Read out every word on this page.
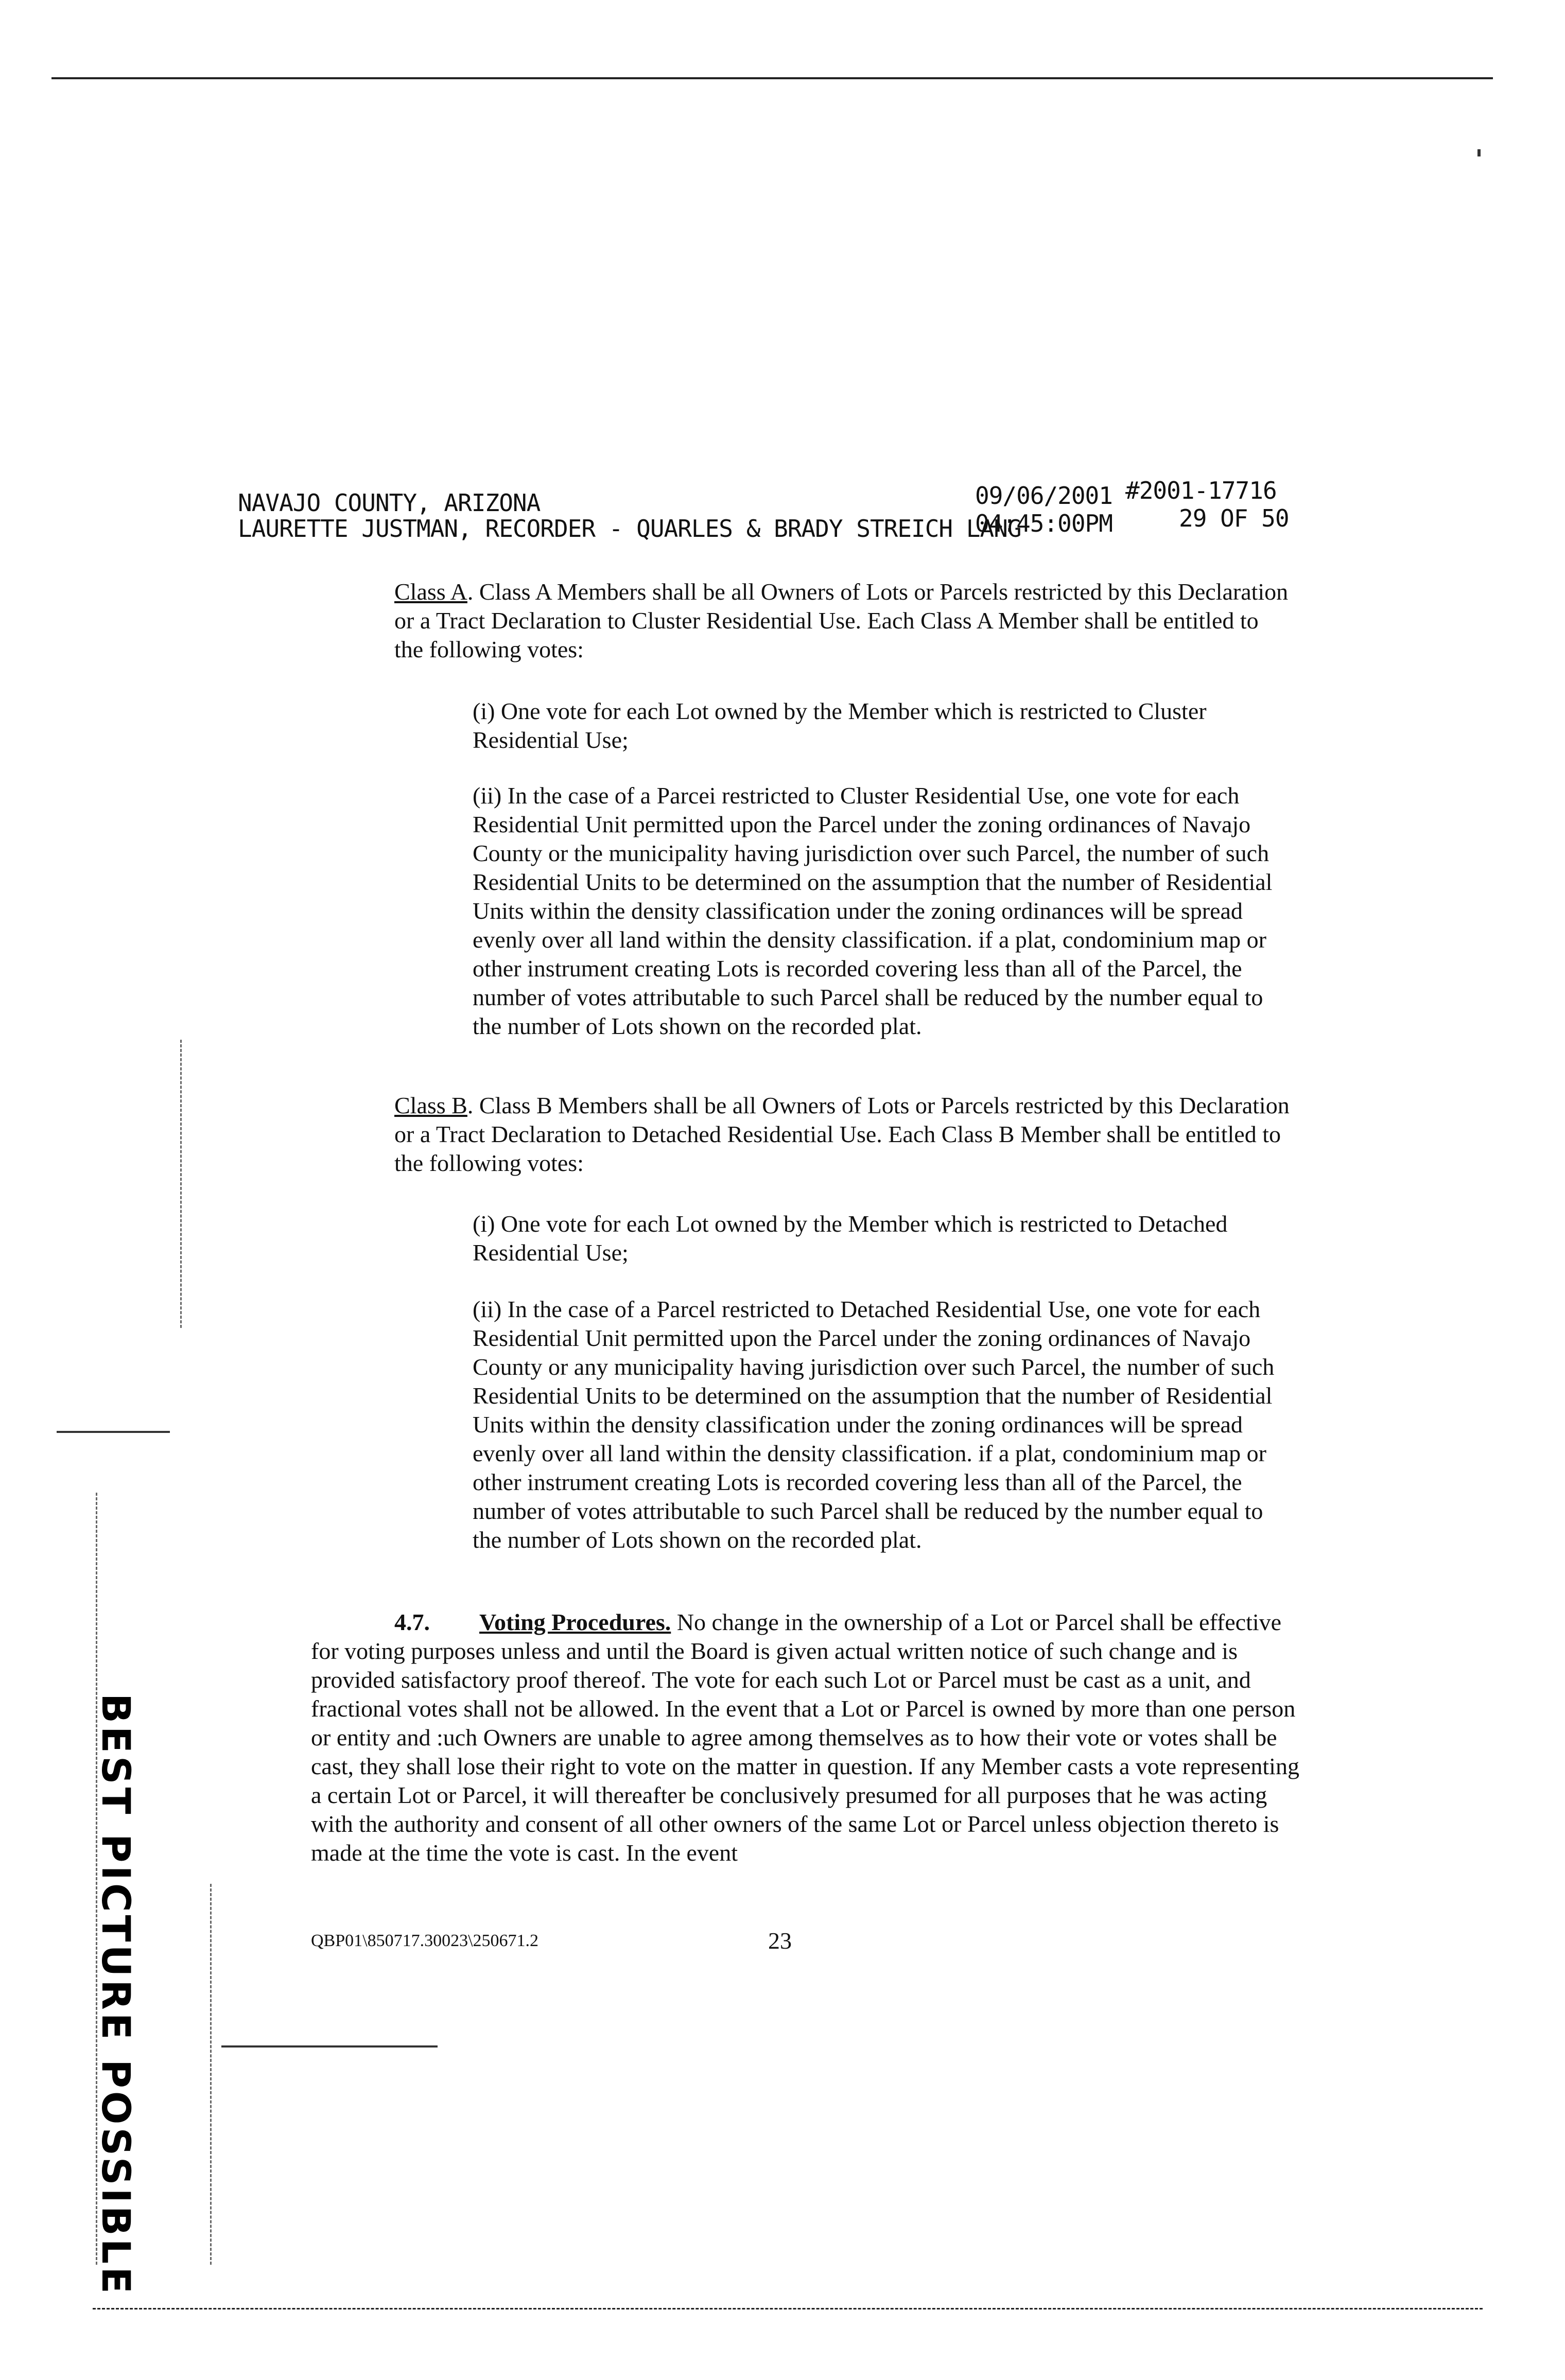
NAVAJO COUNTY, ARIZONA
LAURETTE JUSTMAN, RECORDER - QUARLES & BRADY STREICH LANG
09/06/2001
04:45:00PM
#2001-17716
29 OF 50
Class A. Class A Members shall be all Owners of Lots or Parcels restricted by this Declaration or a Tract Declaration to Cluster Residential Use. Each Class A Member shall be entitled to the following votes:
(i) One vote for each Lot owned by the Member which is restricted to Cluster Residential Use;
(ii) In the case of a Parcei restricted to Cluster Residential Use, one vote for each Residential Unit permitted upon the Parcel under the zoning ordinances of Navajo County or the municipality having jurisdiction over such Parcel, the number of such Residential Units to be determined on the assumption that the number of Residential Units within the density classification under the zoning ordinances will be spread evenly over all land within the density classification. if a plat, condominium map or other instrument creating Lots is recorded covering less than all of the Parcel, the number of votes attributable to such Parcel shall be reduced by the number equal to the number of Lots shown on the recorded plat.
Class B. Class B Members shall be all Owners of Lots or Parcels restricted by this Declaration or a Tract Declaration to Detached Residential Use. Each Class B Member shall be entitled to the following votes:
(i) One vote for each Lot owned by the Member which is restricted to Detached Residential Use;
(ii) In the case of a Parcel restricted to Detached Residential Use, one vote for each Residential Unit permitted upon the Parcel under the zoning ordinances of Navajo County or any municipality having jurisdiction over such Parcel, the number of such Residential Units to be determined on the assumption that the number of Residential Units within the density classification under the zoning ordinances will be spread evenly over all land within the density classification. if a plat, condominium map or other instrument creating Lots is recorded covering less than all of the Parcel, the number of votes attributable to such Parcel shall be reduced by the number equal to the number of Lots shown on the recorded plat.
4.7. Voting Procedures. No change in the ownership of a Lot or Parcel shall be effective for voting purposes unless and until the Board is given actual written notice of such change and is provided satisfactory proof thereof. The vote for each such Lot or Parcel must be cast as a unit, and fractional votes shall not be allowed. In the event that a Lot or Parcel is owned by more than one person or entity and :uch Owners are unable to agree among themselves as to how their vote or votes shall be cast, they shall lose their right to vote on the matter in question. If any Member casts a vote representing a certain Lot or Parcel, it will thereafter be conclusively presumed for all purposes that he was acting with the authority and consent of all other owners of the same Lot or Parcel unless objection thereto is made at the time the vote is cast. In the event
QBP01\850717.30023\250671.2	23
BEST PICTURE POSSIBLE
